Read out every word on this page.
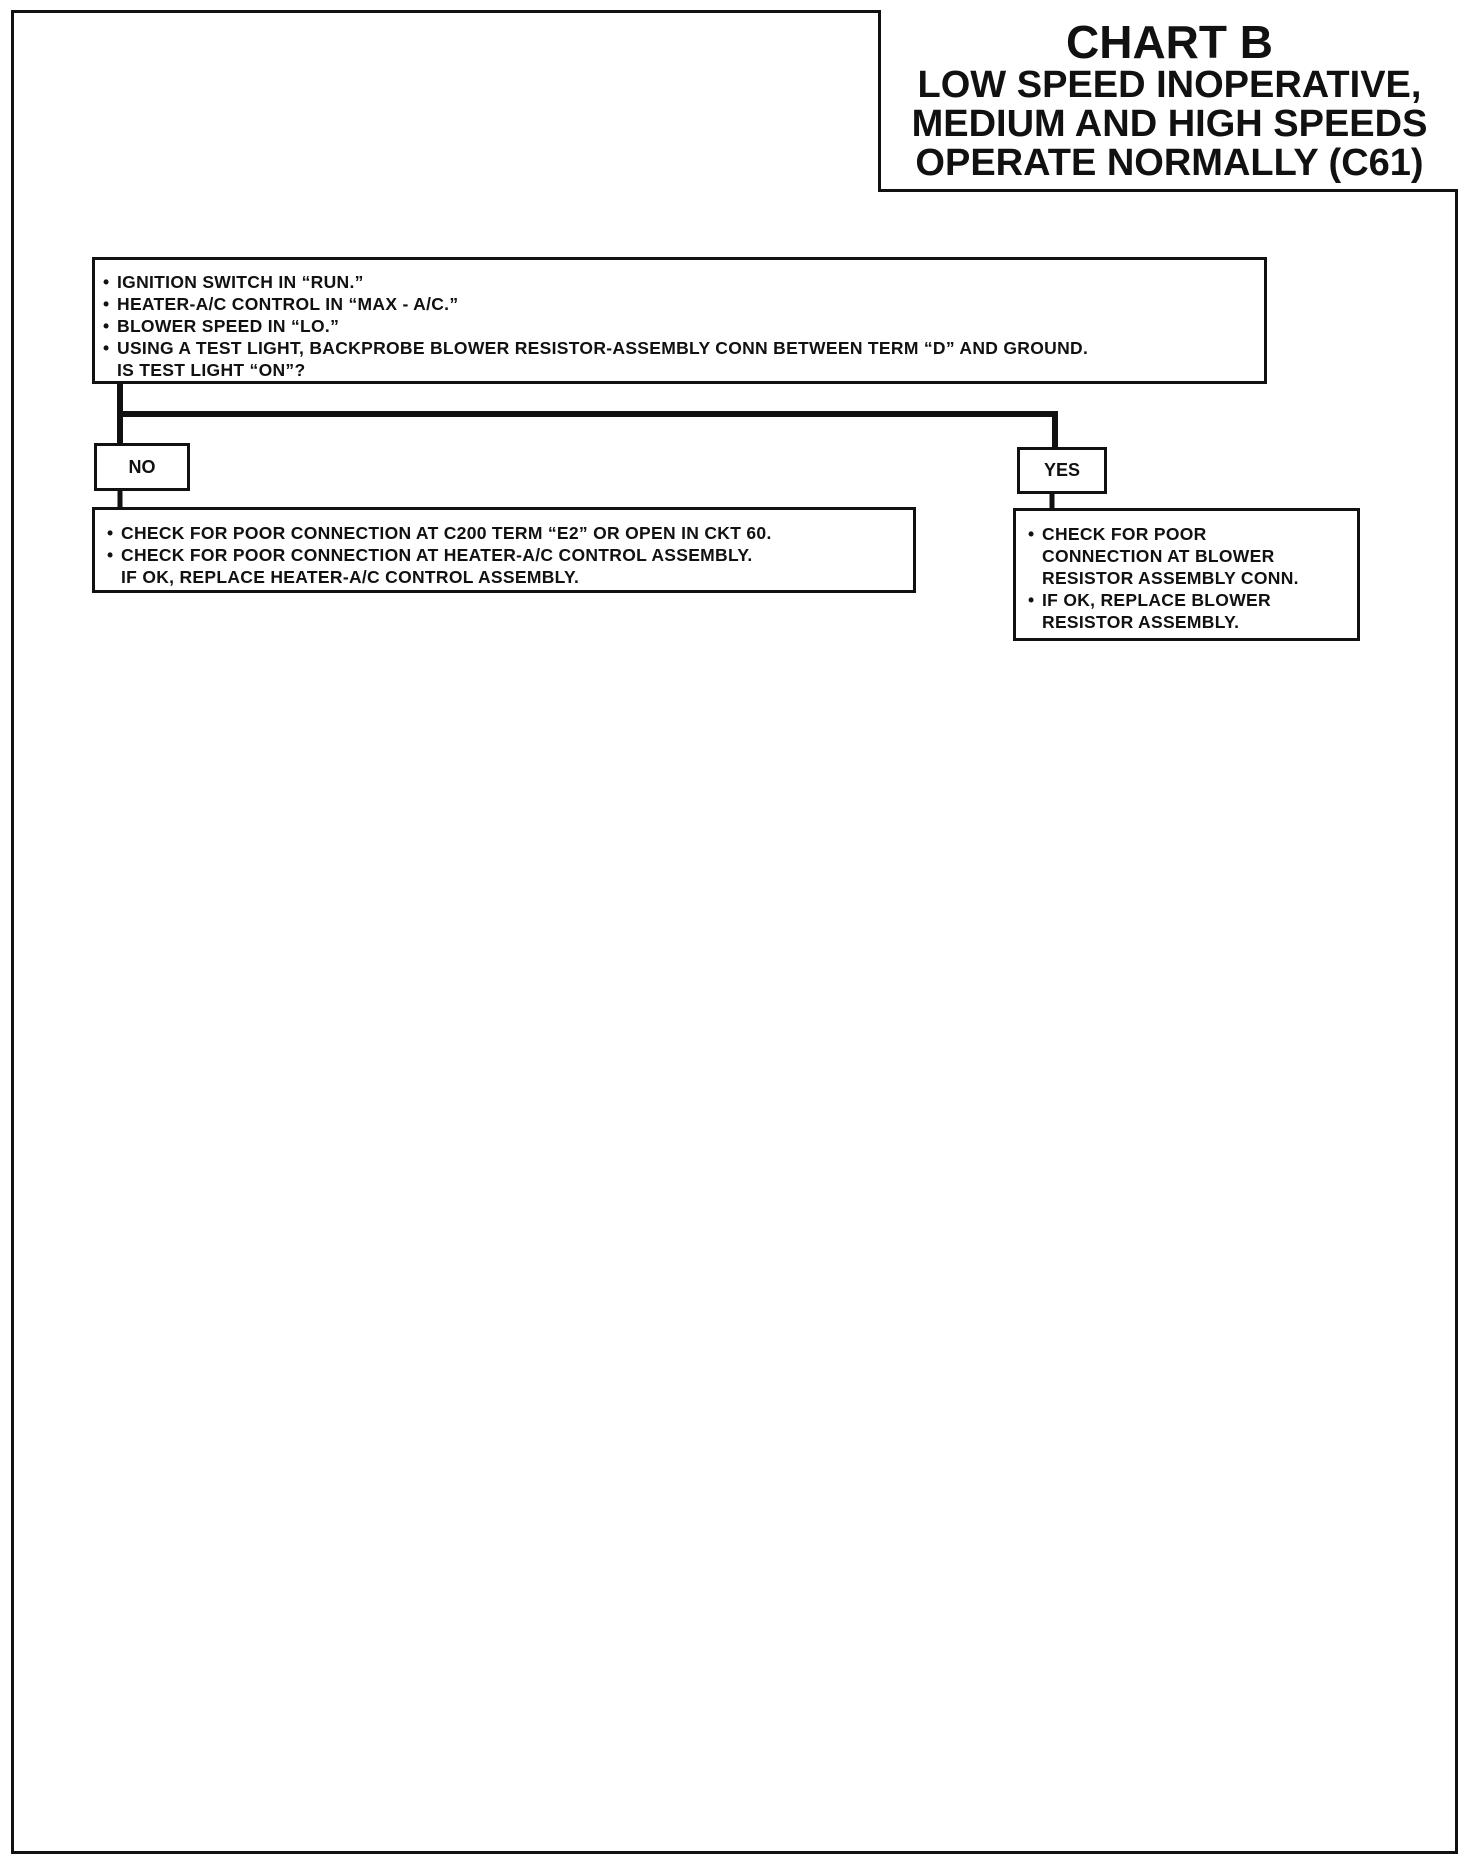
CHART B
LOW SPEED INOPERATIVE,
MEDIUM AND HIGH SPEEDS
OPERATE NORMALLY (C61)
• IGNITION SWITCH IN “RUN.”
• HEATER-A/C CONTROL IN “MAX - A/C.”
• BLOWER SPEED IN “LO.”
• USING A TEST LIGHT, BACKPROBE BLOWER RESISTOR-ASSEMBLY CONN BETWEEN TERM “D” AND GROUND.
IS TEST LIGHT “ON”?
NO	YES
• CHECK FOR POOR CONNECTION AT C200 TERM “E2” OR OPEN IN CKT 60.
• CHECK FOR POOR CONNECTION AT HEATER-A/C CONTROL ASSEMBLY.
IF OK, REPLACE HEATER-A/C CONTROL ASSEMBLY.
• CHECK FOR POOR
CONNECTION AT BLOWER
RESISTOR ASSEMBLY CONN.
• IF OK, REPLACE BLOWER
RESISTOR ASSEMBLY.
